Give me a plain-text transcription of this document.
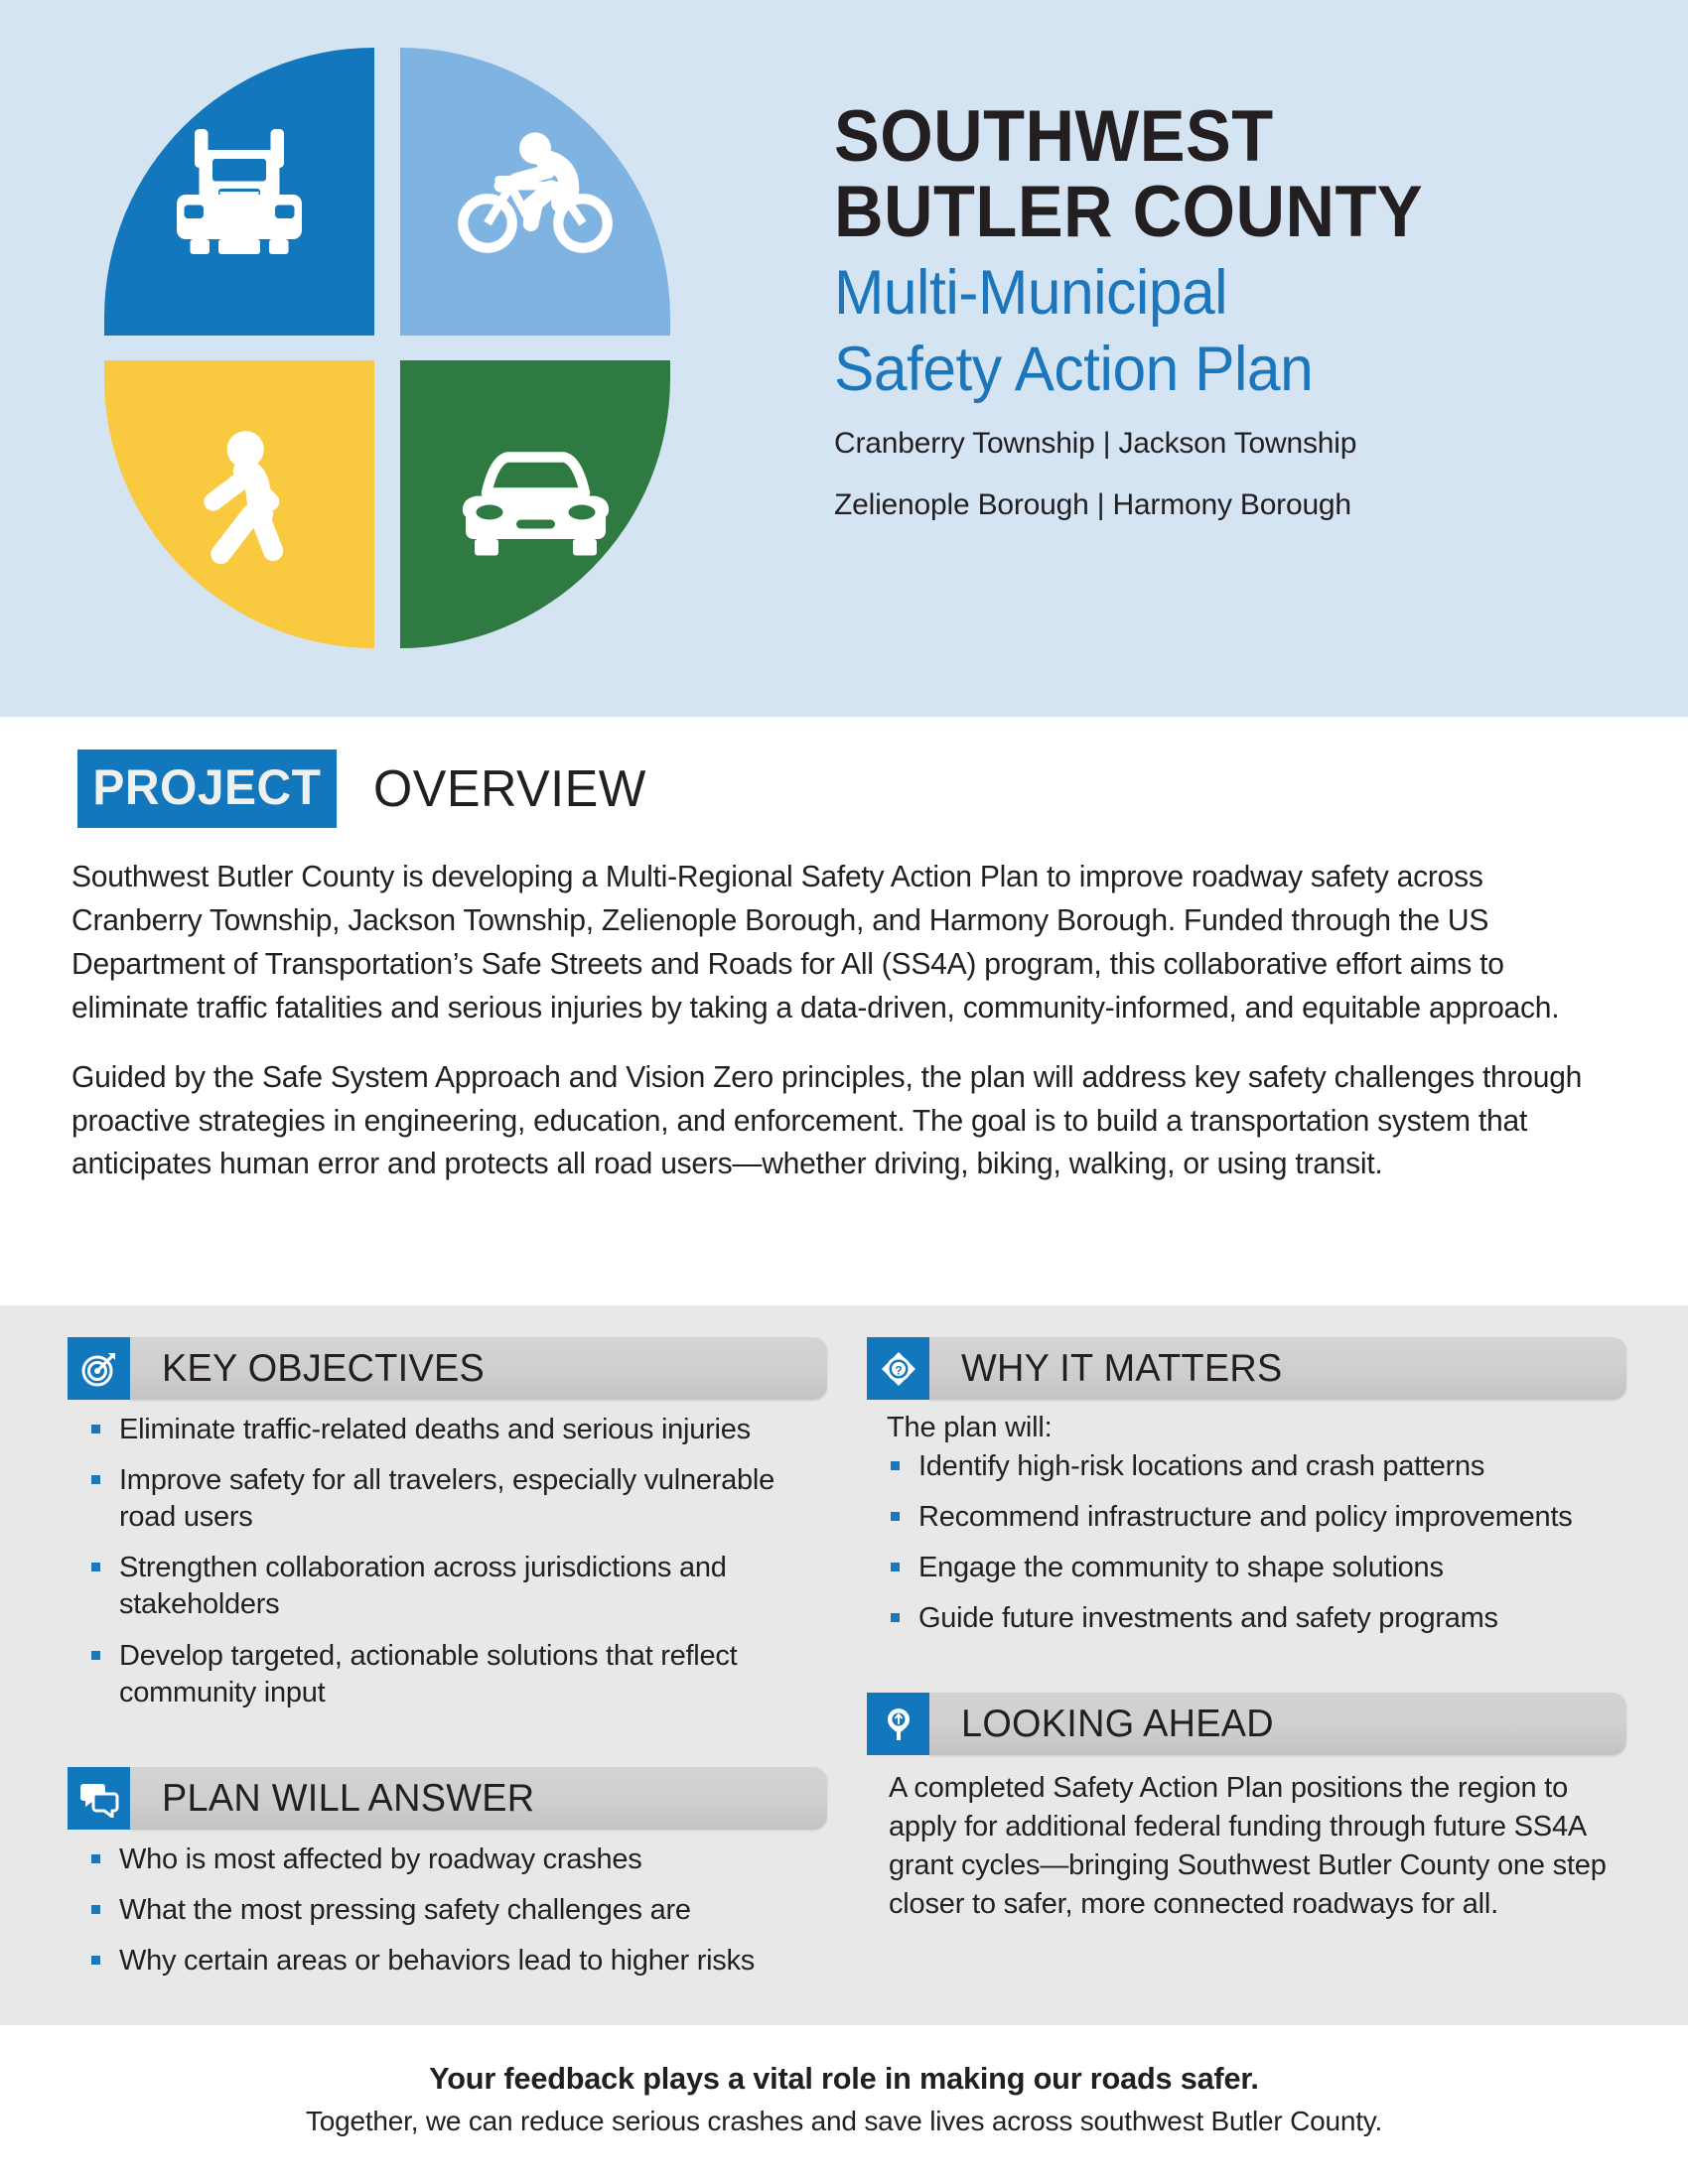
SOUTHWEST
BUTLER COUNTY
Multi-Municipal
Safety Action Plan
Cranberry Township | Jackson Township
Zelienople Borough | Harmony Borough
PROJECT OVERVIEW

Southwest Butler County is developing a Multi-Regional Safety Action Plan to improve roadway safety across Cranberry Township, Jackson Township, Zelienople Borough, and Harmony Borough. Funded through the US Department of Transportation’s Safe Streets and Roads for All (SS4A) program, this collaborative effort aims to eliminate traffic fatalities and serious injuries by taking a data-driven, community-informed, and equitable approach.

Guided by the Safe System Approach and Vision Zero principles, the plan will address key safety challenges through proactive strategies in engineering, education, and enforcement. The goal is to build a transportation system that anticipates human error and protects all road users—whether driving, biking, walking, or using transit.

KEY OBJECTIVES
Eliminate traffic-related deaths and serious injuries
Improve safety for all travelers, especially vulnerable road users
Strengthen collaboration across jurisdictions and stakeholders
Develop targeted, actionable solutions that reflect community input
PLAN WILL ANSWER
Who is most affected by roadway crashes
What the most pressing safety challenges are
Why certain areas or behaviors lead to higher risks
? WHY IT MATTERS
The plan will:
Identify high-risk locations and crash patterns
Recommend infrastructure and policy improvements
Engage the community to shape solutions
Guide future investments and safety programs
LOOKING AHEAD

A completed Safety Action Plan positions the region to apply for additional federal funding through future SS4A grant cycles—bringing Southwest Butler County one step closer to safer, more connected roadways for all.

Your feedback plays a vital role in making our roads safer.
Together, we can reduce serious crashes and save lives across southwest Butler County.
